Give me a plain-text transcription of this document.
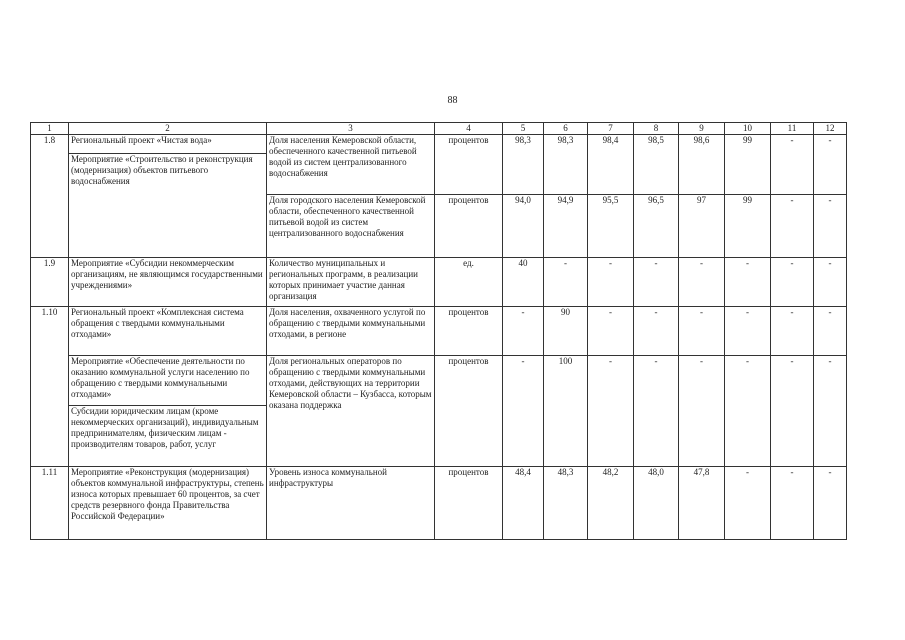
88
1	2	3	4	5	6	7	8	9	10	11	12
1.8	Региональный проект «Чистая вода»	Доля населения Кемеровской области, обеспеченного качественной питьевой водой из систем централизованного водоснабжения	процентов	98,3	98,3	98,4	98,5	98,6	99	-	-
	Мероприятие «Строительство и реконструкция (модернизация) объектов питьевого водоснабжения										
		Доля городского населения Кемеровской области, обеспеченного качественной питьевой водой из систем централизованного водоснабжения	процентов	94,0	94,9	95,5	96,5	97	99	-	-
1.9	Мероприятие «Субсидии некоммерческим организациям, не являющимся государственными учреждениями»	Количество муниципальных и региональных программ, в реализации которых принимает участие данная организация	ед.	40	-	-	-	-	-	-	-
1.10	Региональный проект «Комплексная система обращения с твердыми коммунальными отходами»	Доля населения, охваченного услугой по обращению с твердыми коммунальными отходами, в регионе	процентов	-	90	-	-	-	-	-	-
	Мероприятие «Обеспечение деятельности по оказанию коммунальной услуги населению по обращению с твердыми коммунальными отходами»	Доля региональных операторов по обращению с твердыми коммунальными отходами, действующих на территории Кемеровской области – Кузбасса, которым оказана поддержка	процентов	-	100	-	-	-	-	-	-
	Субсидии юридическим лицам (кроме некоммерческих организаций), индивидуальным предпринимателям, физическим лицам - производителям товаров, работ, услуг										
1.11	Мероприятие «Реконструкция (модернизация) объектов коммунальной инфраструктуры, степень износа которых превышает 60 процентов, за счет средств резервного фонда Правительства Российской Федерации»	Уровень износа коммунальной инфраструктуры	процентов	48,4	48,3	48,2	48,0	47,8	-	-	-
